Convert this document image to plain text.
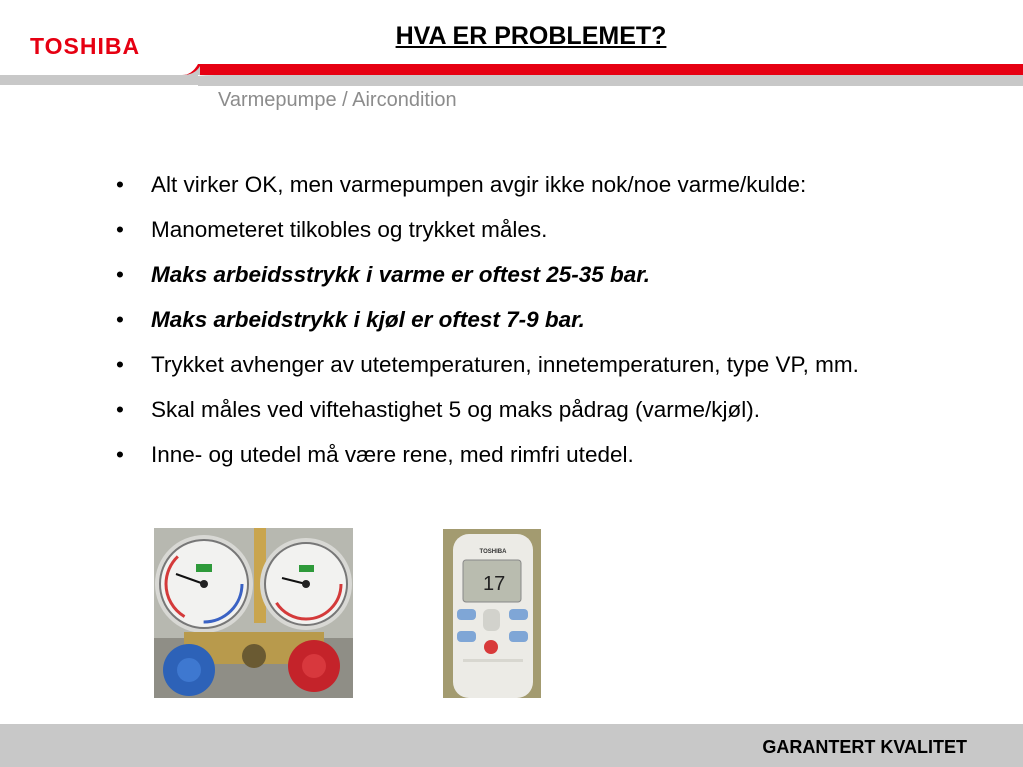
TOSHIBA	HVA ER PROBLEMET?
Varmepumpe / Aircondition
• Alt virker OK, men varmepumpen avgir ikke nok/noe varme/kulde:
• Manometeret tilkobles og trykket måles.
• Maks arbeidsstrykk i varme er oftest 25-35 bar.
• Maks arbeidstrykk i kjøl er oftest 7-9 bar.
• Trykket avhenger av utetemperaturen, innetemperaturen, type VP, mm.
• Skal måles ved viftehastighet 5 og maks pådrag (varme/kjøl).
• Inne- og utedel må være rene, med rimfri utedel.
TOSHIBA
17
GARANTERT KVALITET
